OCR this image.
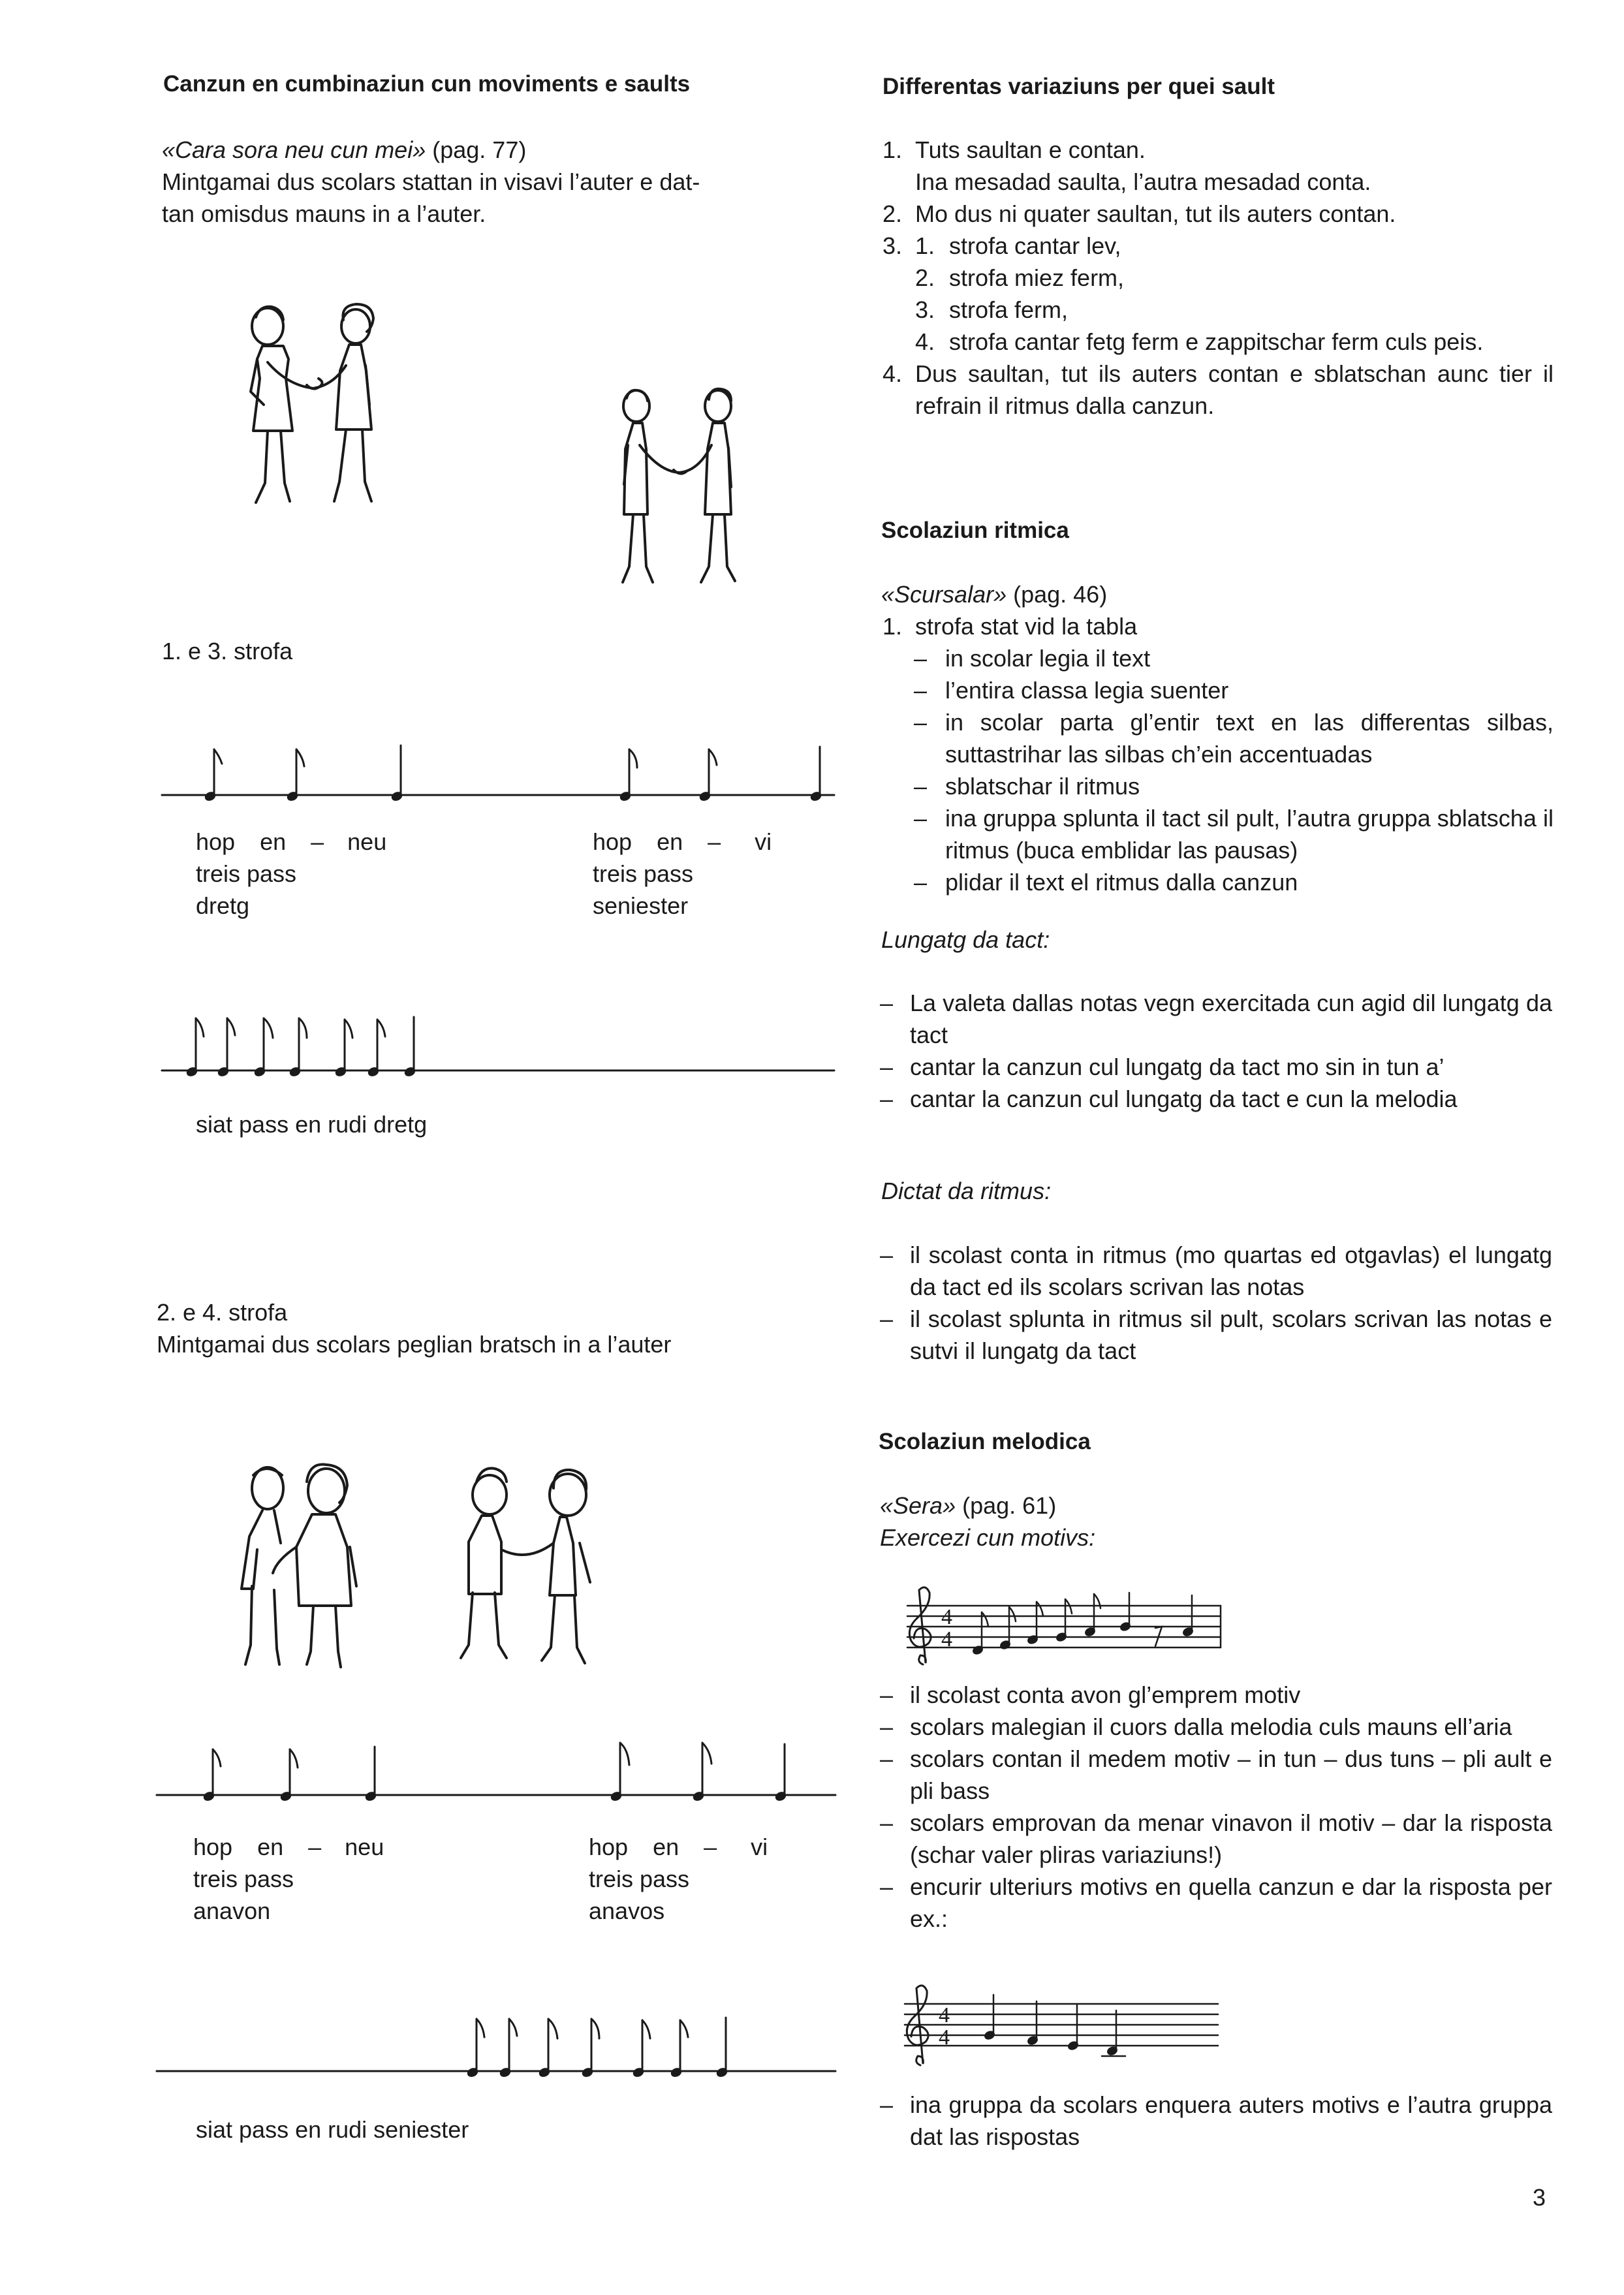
Canzun en cumbinaziun cun moviments e saults
«Cara sora neu cun mei» (pag. 77)
Mintgamai dus scolars stattan in visavi l’auter e dat-
tan omisdus mauns in a l’auter.
1. e 3. strofa
hop en – neu
treis pass
dretg
hop en – vi
treis pass
seniester
siat pass en rudi dretg
2. e 4. strofa
Mintgamai dus scolars peglian bratsch in a l’auter
hop en – neu
treis pass
anavon
hop en – vi
treis pass
anavos
siat pass en rudi seniester
Differentas variaziuns per quei sault
1. Tuts saultan e contan.
Ina mesadad saulta, l’autra mesadad conta.
2. Mo dus ni quater saultan, tut ils auters contan.
3. 1. strofa cantar lev,
2. strofa miez ferm,
3. strofa ferm,
4. strofa cantar fetg ferm e zappitschar ferm culs peis.
4. Dus saultan, tut ils auters contan e sblatschan aunc tier il refrain il ritmus dalla canzun.
Scolaziun ritmica
«Scursalar» (pag. 46)
1.  strofa stat vid la tabla
– in scolar legia il text
– l’entira classa legia suenter
– in scolar parta gl’entir text en las differentas silbas, suttastrihar las silbas ch’ein accentuadas
– sblatschar il ritmus
– ina gruppa splunta il tact sil pult, l’autra gruppa sblatscha il ritmus (buca emblidar las pausas)
– plidar il text el ritmus dalla canzun
Lungatg da tact:
– La valeta dallas notas vegn exercitada cun agid dil lungatg da tact
– cantar la canzun cul lungatg da tact mo sin in tun a’
– cantar la canzun cul lungatg da tact e cun la melodia
Dictat da ritmus:
– il scolast conta in ritmus (mo quartas ed otgavlas) el lungatg da tact ed ils scolars scrivan las notas
– il scolast splunta in ritmus sil pult, scolars scrivan las notas e sutvi il lungatg da tact
Scolaziun melodica
«Sera» (pag. 61)
Exercezi cun motivs:
4
4
– il scolast conta avon gl’emprem motiv
– scolars malegian il cuors dalla melodia culs mauns ell’aria
– scolars contan il medem motiv – in tun – dus tuns – pli ault e pli bass
– scolars emprovan da menar vinavon il motiv – dar la risposta (schar valer pliras variaziuns!)
– encurir ulteriurs motivs en quella canzun e dar la risposta per ex.:
4
4
– ina gruppa da scolars enquera auters motivs e l’autra gruppa dat las rispostas
3
